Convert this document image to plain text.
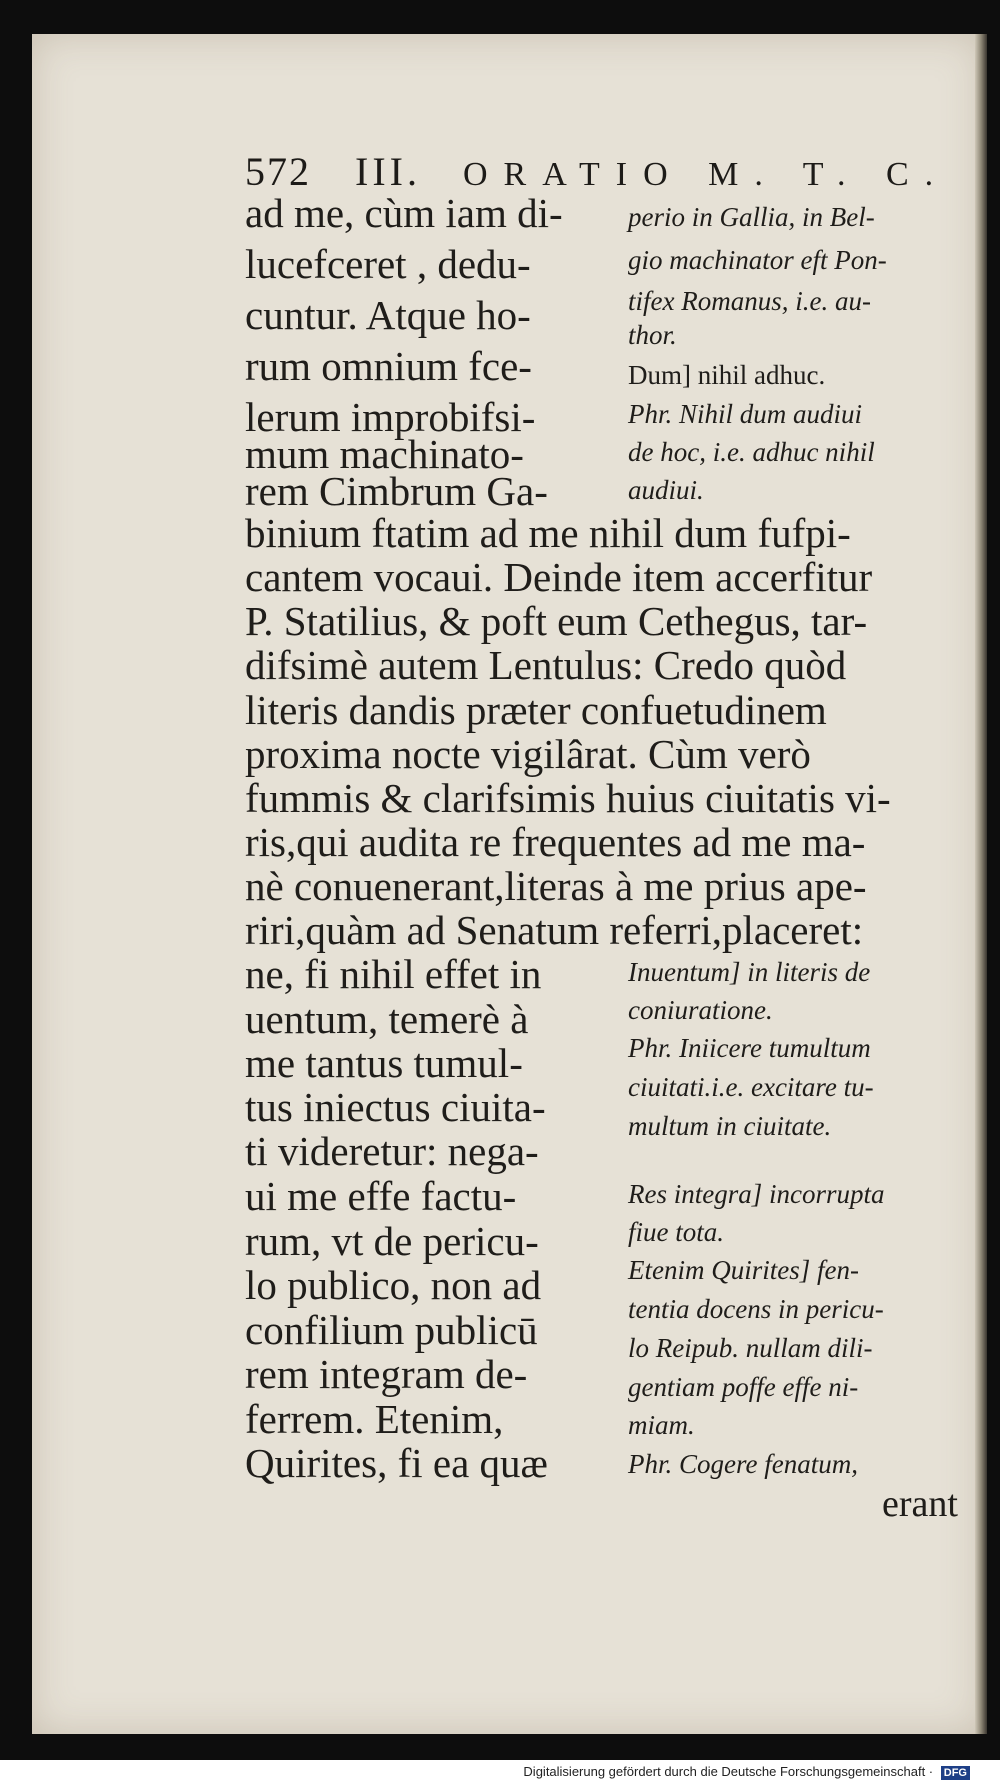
572 III. ORATIO M. T. C.
ad me, cùm iam di-
lucefceret , dedu-
cuntur. Atque ho-
rum omnium fce-
lerum improbifsi-
mum machinato-
rem Cimbrum Ga-
binium ftatim ad me nihil dum fufpi-
cantem vocaui. Deinde item accerfitur
P. Statilius, & poft eum Cethegus, tar-
difsimè autem Lentulus: Credo quòd
literis dandis præter confuetudinem
proxima nocte vigilârat. Cùm verò
fummis & clarifsimis huius ciuitatis vi-
ris,qui audita re frequentes ad me ma-
nè conuenerant,literas à me prius ape-
riri,quàm ad Senatum referri,placeret:
ne, fi nihil effet in
uentum, temerè à
me tantus tumul-
tus iniectus ciuita-
ti videretur: nega-
ui me effe factu-
rum, vt de pericu-
lo publico, non ad
confilium publicū
rem integram de-
ferrem. Etenim,
Quirites, fi ea quæ
perio in Gallia, in Bel-
gio machinator eft Pon-
tifex Romanus, i.e. au-
thor.
Dum] nihil adhuc.
Phr. Nihil dum audiui
de hoc, i.e. adhuc nihil
audiui.
Inuentum] in literis de
coniuratione.
Phr. Iniicere tumultum
ciuitati.i.e. excitare tu-
multum in ciuitate.
Res integra] incorrupta
fiue tota.
Etenim Quirites] fen-
tentia docens in pericu-
lo Reipub. nullam dili-
gentiam poffe effe ni-
miam.
Phr. Cogere fenatum,
erant
Digitalisierung gefördert durch die Deutsche Forschungsgemeinschaft · DFG
